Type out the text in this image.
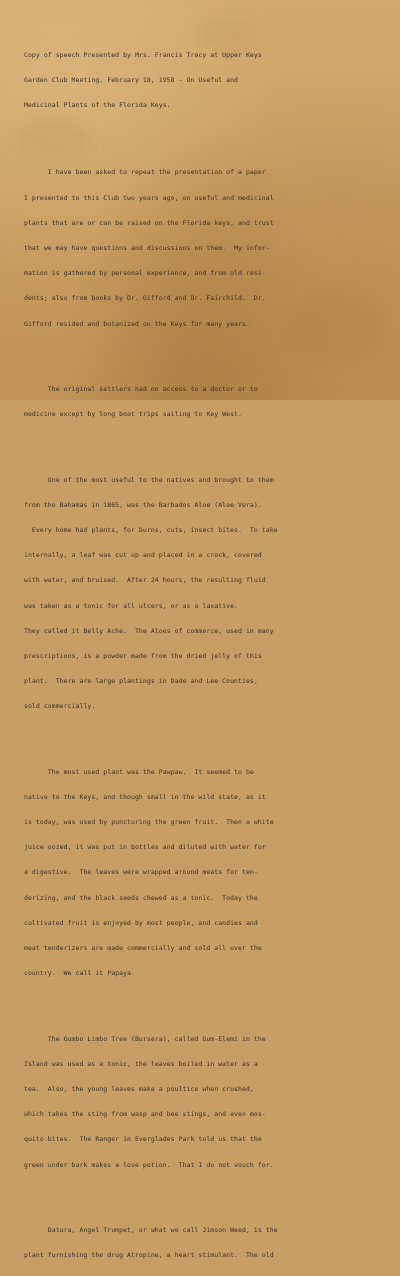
Copy of speech Presented by Mrs. Francis Tracy at Upper Keys

Garden Club Meeting, February 18, 1958 - On Useful and

Medicinal Plants of the Florida Keys.

I have been asked to repeat the presentation of a paper

I presented to this Club two years ago, on useful and medicinal

plants that are or can be raised on the Florida keys, and trust

that we may have questions and discussions on them.  My infor-

mation is gathered by personal experience, and from old resi-

dents; also from books by Dr. Gifford and Dr. Fairchild.  Dr.

Gifford resided and botanized on the Keys for many years.

The original settlers had no access to a doctor or to

medicine except by long boat trips sailing to Key West.

One of the most useful to the natives and brought to them

from the Bahamas in 1865, was the Barbados Aloe (Aloe Vera).

Every home had plants, for burns, cuts, insect bites.  To take

internally, a leaf was cut up and placed in a crock, covered

with water, and bruised.  After 24 hours, the resulting fluid

was taken as a tonic for all ulcers, or as a laxative.

They called it Belly Ache.  The Aloes of commerce, used in many

prescriptions, is a powder made from the dried jelly of this

plant.  There are large plantings in Dade and Lee Counties,

sold commercially.

The most used plant was the Pawpaw.  It seemed to be

native to the Keys, and though small in the wild state, as it

is today, was used by puncturing the green fruit.  Then a white

juice oozed, it was put in bottles and diluted with water for

a digestive.  The leaves were wrapped around meats for ten-

derizing, and the black seeds chewed as a tonic.  Today the

cultivated fruit is enjoyed by most people, and candies and

meat tenderizers are made commercially and sold all over the

country.  We call it Papaya.

The Gumbo Limbo Tree (Bursera), called Gum-Elemi in the

Island was used as a tonic, the leaves boiled in water as a

tea.  Also, the young leaves make a poultice when crushed,

which takes the sting from wasp and bee stings, and even mos-

quito bites.  The Ranger in Everglades Park told us that the

green under bark makes a love potion.  That I do not vouch for.

Datura, Angel Trumpet, or what we call Jimson Weed, is the

plant furnishing the drug Atropine, a heart stimulant.  The old
